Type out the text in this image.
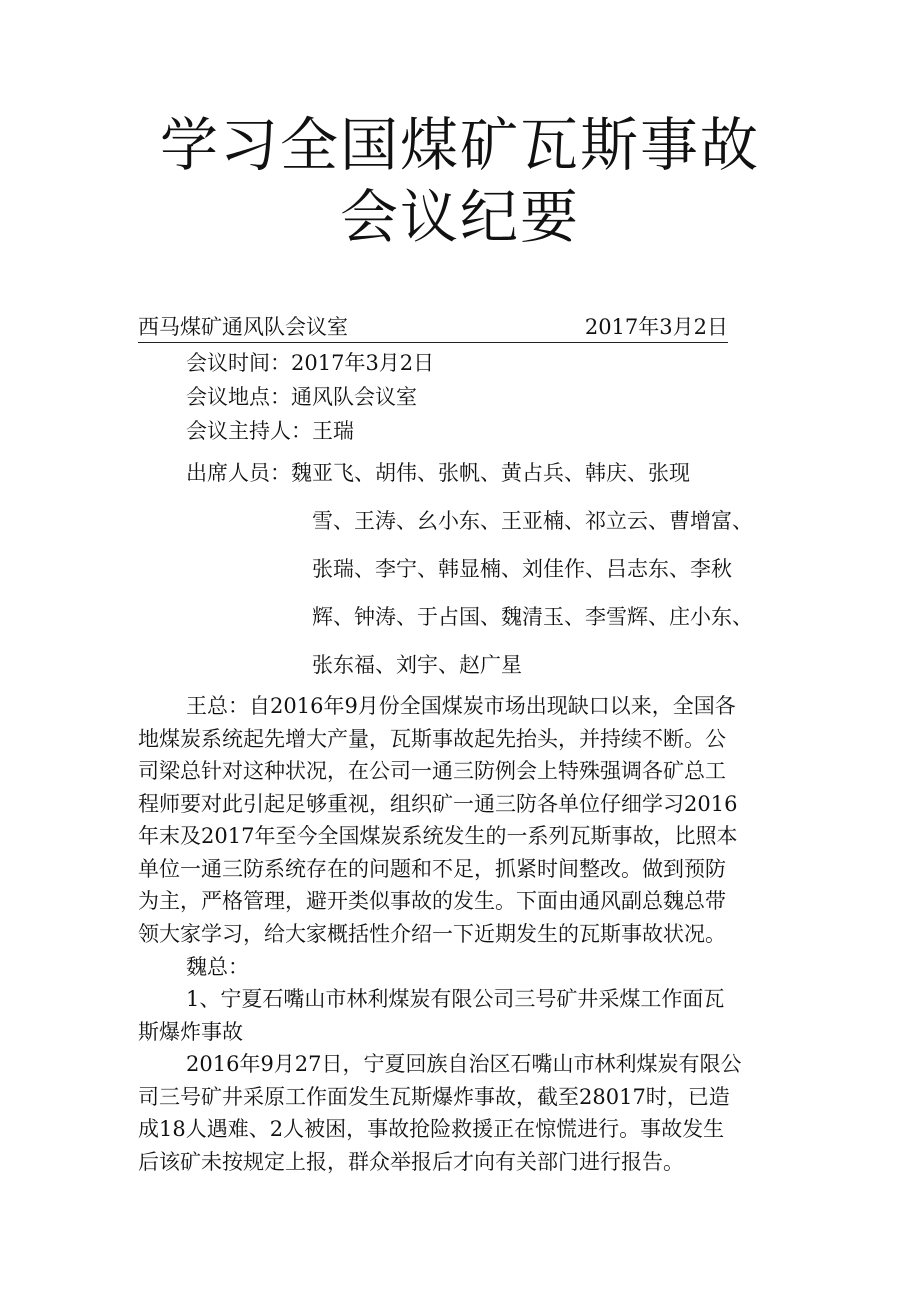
学习全国煤矿瓦斯事故
会议纪要
西马煤矿通风队会议室	2017年3月2日
会议时间：2017年3月2日
会议地点：通风队会议室
会议主持人：王瑞
出席人员：魏亚飞、胡伟、张帆、黄占兵、韩庆、张现
雪、王涛、幺小东、王亚楠、祁立云、曹增富、
张瑞、李宁、韩显楠、刘佳作、吕志东、李秋
辉、钟涛、于占国、魏清玉、李雪辉、庄小东、
张东福、刘宇、赵广星
王总：自2016年9月份全国煤炭市场出现缺口以来，全国各
地煤炭系统起先增大产量，瓦斯事故起先抬头，并持续不断。公
司梁总针对这种状况，在公司一通三防例会上特殊强调各矿总工
程师要对此引起足够重视，组织矿一通三防各单位仔细学习2016
年末及2017年至今全国煤炭系统发生的一系列瓦斯事故，比照本
单位一通三防系统存在的问题和不足，抓紧时间整改。做到预防
为主，严格管理，避开类似事故的发生。下面由通风副总魏总带
领大家学习，给大家概括性介绍一下近期发生的瓦斯事故状况。
魏总：
1、宁夏石嘴山市林利煤炭有限公司三号矿井采煤工作面瓦
斯爆炸事故
2016年9月27日，宁夏回族自治区石嘴山市林利煤炭有限公
司三号矿井采原工作面发生瓦斯爆炸事故，截至28017时，已造
成18人遇难、2人被困，事故抢险救援正在惊慌进行。事故发生
后该矿未按规定上报，群众举报后才向有关部门进行报告。
